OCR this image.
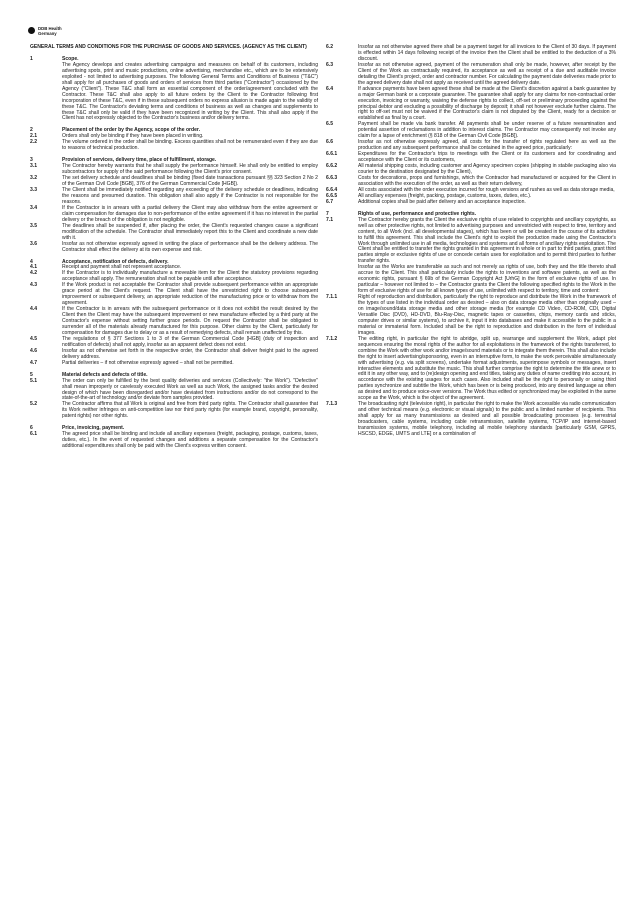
DDB Health
Germany
GENERAL TERMS AND CONDITIONS FOR THE PURCHASE OF GOODS AND SERVICES. (AGENCY AS THE CLIENT)
1	Scope.
The Agency develops and creates advertising campaigns and measures on behalf of its customers, including advertising spots, print and music productions, online advertising, merchandise etc., which are to be extensively exploited - not limited to advertising purposes. The following General Terms and Conditions of Business ("T&C") shall apply for all purchases of goods and orders of services from third parties ("Contractor") occasioned by the Agency ("Client"). These T&C shall form an essential component of the order/agreement concluded with the Contractor. These T&C shall also apply to all future orders by the Client to the Contractor following first incorporation of these T&C, even if in these subsequent orders no express allusion is made again to the validity of these T&C. The Contractor's deviating terms and conditions of business as well as changes and supplements to these T&C shall only be valid if they have been recognized in writing by the Client. This shall also apply if the Client has not expressly objected to the Contractor's business and/or delivery terms.
2	Placement of the order by the Agency, scope of the order.
2.1	Orders shall only be binding if they have been placed in writing.
2.2	The volume ordered in the order shall be binding. Excess quantities shall not be remunerated even if they are due to reasons of technical production.
3	Provision of services, delivery time, place of fulfillment, storage.
3.1	The Contractor hereby warrants that he shall supply the performance himself. He shall only be entitled to employ subcontractors for supply of the said performance following the Client's prior consent.
3.2	The set delivery schedule and deadlines shall be binding (fixed date transactions pursuant §§ 323 Section 2 No 2 of the German Civil Code [BGB], 376 of the German Commercial Code [HGB]).
3.3	The Client shall be immediately notified regarding any exceeding of the delivery schedule or deadlines, indicating the reasons and presumed duration. This obligation shall also apply if the Contractor is not responsible for the reasons.
3.4	If the Contractor is in arrears with a partial delivery the Client may also withdraw from the entire agreement or claim compensation for damages due to non-performance of the entire agreement if it has no interest in the partial delivery or the breach of the obligation is not negligible.
3.5	The deadlines shall be suspended if, after placing the order, the Client's requested changes cause a significant modification of the schedule. The Contractor shall immediately report this to the Client and coordinate a new date with it.
3.6	Insofar as not otherwise expressly agreed in writing the place of performance shall be the delivery address. The Contractor shall effect the delivery at its own expense and risk.
4	Acceptance, notification of defects, delivery.
4.1	Receipt and payment shall not represent acceptance.
4.2	If the Contractor is to individually manufacture a moveable item for the Client the statutory provisions regarding acceptance shall apply. The remuneration shall not be payable until after acceptance.
4.3	If the Work product is not acceptable the Contractor shall provide subsequent performance within an appropriate grace period at the Client's request. The Client shall have the unrestricted right to choose subsequent improvement or subsequent delivery, an appropriate reduction of the manufacturing price or to withdraw from the agreement.
4.4	If the Contractor is in arrears with the subsequent performance or it does not exhibit the result desired by the Client then the Client may have the subsequent improvement or new manufacture effected by a third party at the Contractor's expense without setting further grace periods. On request the Contractor shall be obligated to surrender all of the materials already manufactured for this purpose. Other claims by the Client, particularly for compensation for damages due to delay or as a result of remedying defects, shall remain unaffected by this.
4.5	The regulations of § 377 Sections 1 to 3 of the German Commercial Code [HGB] (duty of inspection and notification of defects) shall not apply, insofar as an apparent defect does not exist.
4.6	Insofar as not otherwise set forth in the respective order, the Contractor shall deliver freight paid to the agreed delivery address.
4.7	Partial deliveries – if not otherwise expressly agreed – shall not be permitted.
5	Material defects and defects of title.
5.1	The order can only be fulfilled by the best quality deliveries and services (Collectively: "the Work"). "Defective" shall mean improperly or carelessly executed Work as well as such Work, the assigned tasks and/or the desired design of which have been disregarded and/or have deviated from instructions and/or do not correspond to the state-of-the-art of technology and/or deviate from samples provided.
5.2	The Contractor affirms that all Work is original and free from third party rights. The Contractor shall guarantee that its Work neither infringes on anti-competition law nor third party rights (for example brand, copyright, personality, patent rights) nor other rights.
6	Price, invoicing, payment.
6.1	The agreed price shall be binding and include all ancillary expenses (freight, packaging, postage, customs, taxes, duties, etc.). In the event of requested changes and additions a separate compensation for the Contractor's additional expenditures shall only be paid with the Client's express written consent.
6.2	Insofar as not otherwise agreed there shall be a payment target for all invoices to the Client of 30 days. If payment is effected within 14 days following receipt of the invoice then the Client shall be entitled to the deduction of a 3% discount.
6.3	Insofar as not otherwise agreed, payment of the remuneration shall only be made, however, after receipt by the Client of the Work as contractually required, its acceptance as well as receipt of a due and auditable invoice detailing the Client's project, order and contractor number. For calculating the payment date deliveries made prior to the agreed delivery date shall not apply as received until the agreed delivery date.
6.4	If advance payments have been agreed these shall be made at the Client's discretion against a bank guarantee by a major German bank or a corporate guarantee. The guarantee shall apply for any claims for non-contractual order execution, invoicing or warranty, waiving the defense rights to collect, off-set or preliminary proceeding against the principal debtor and excluding a possibility of discharge by deposit; it shall not however exclude further claims. The right to off-set must not be waived if the Contractor's claim is not disputed by the Client, ready for a decision or established as final by a court.
6.5	Payment shall be made via bank transfer. All payments shall be under reserve of a future reexamination and potential assertion of reclamations in addition to interest claims. The Contractor may consequently not invoke any claim for a lapse of enrichment (§ 818 of the German Civil Code [BGB]).
6.6	Insofar as not otherwise expressly agreed, all costs for the transfer of rights regulated here as well as the production and any subsequent performance shall be contained in the agreed price, particularly:
6.6.1	Expenditures for the Contractor's trips to meetings with the Client or its customers and for coordinating and acceptance with the Client or its customers,
6.6.2	All material shipping costs, including customer and Agency specimen copies (shipping in stabile packaging also via courier to the destination designated by the Client),
6.6.3	Costs for decorations, props and furnishings, which the Contractor had manufactured or acquired for the Client in association with the execution of the order, as well as their return delivery,
6.6.4	All costs associated with the order execution incurred for rough versions and rushes as well as data storage media,
6.6.5	All ancillary expenses (freight, packing, postage, customs, taxes, duties, etc.).
6.7	Additional copies shall be paid after delivery and an acceptance inspection.
7	Rights of use, performance and protective rights.
7.1	The Contractor hereby grants the Client the exclusive rights of use related to copyrights and ancillary copyrights, as well as other protective rights, not limited to advertising purposes and unrestricted with respect to time, territory and content, to all Work (incl. all developmental stages), which has been or will be created in the course of its activities to fulfill this agreement. This shall include the Client's right to exploit the production made using the Contractor's Work through unlimited use in all media, technologies and systems and all forms of ancillary rights exploitation. The Client shall be entitled to transfer the rights granted in this agreement in whole or in part to third parties, grant third parties simple or exclusive rights of use or concede certain uses for exploitation and to permit third parties to further transfer rights.
Insofar as the Works are transferable as such and not merely as rights of use, both they and the title thereto shall accrue to the Client. This shall particularly include the rights to inventions and software patents, as well as the economic rights, pursuant § 69b of the German Copyright Act [UrhG] in the form of exclusive rights of use. In particular – however not limited to – the Contractor grants the Client the following specified rights to the Work in the form of exclusive rights of use for all known types of use, unlimited with respect to territory, time and content:
7.1.1	Right of reproduction and distribution, particularly the right to reproduce and distribute the Work in the framework of the types of use listed in the individual order as desired – also on data storage media other than originally used – on image/sound/data storage media and other storage media (for example CD Video, CD-ROM, CDI, Digital Versatile Disc (DVD), HD-DVD, Blu-Ray-Disc, magnetic tapes or cassettes, chips, memory cards and sticks, computer drives or similar systems), to archive it, input it into databases and make it accessible to the public in a material or immaterial form. Included shall be the right to reproduction and distribution in the form of individual images.
7.1.2	The editing right, in particular the right to abridge, split up, rearrange and supplement the Work, adapt plot sequences ensuring the moral rights of the author for all exploitations in the framework of the rights transferred, to combine the Work with other work and/or image/sound materials or to integrate them therein. This shall also include the right to insert advertising/sponsoring, even in an interruptive form, to make the work perceivable simultaneously with advertising (e.g. via split screens), undertake format adjustments, superimpose symbols or messages, insert interactive elements and substitute the music. This shall further comprise the right to determine the title anew or to edit it in any other way, and to (re)design opening and end titles, taking any duties of name crediting into account, in accordance with the existing usages for such cases. Also included shall be the right to personally or using third parties synchronize and subtitle the Work, which has been or is being produced, into any desired language as often as desired and to produce voice-over versions. The Work thus edited or synchronized may be exploited in the same scope as the Work, which is the object of the agreement.
7.1.3	The broadcasting right (television right), in particular the right to make the Work accessible via radio communication and other technical means (e.g. electronic or visual signals) to the public and a limited number of recipients. This shall apply for as many transmissions as desired and all possible broadcasting processes (e.g. terrestrial broadcasters, cable systems, including cable retransmission, satellite systems, TCP/IP and internet-based transmission systems, mobile telephony, including all mobile telephony standards [particularly GSM, GPRS, HSCSD, EDGE, UMTS and LTE] or a combination of
